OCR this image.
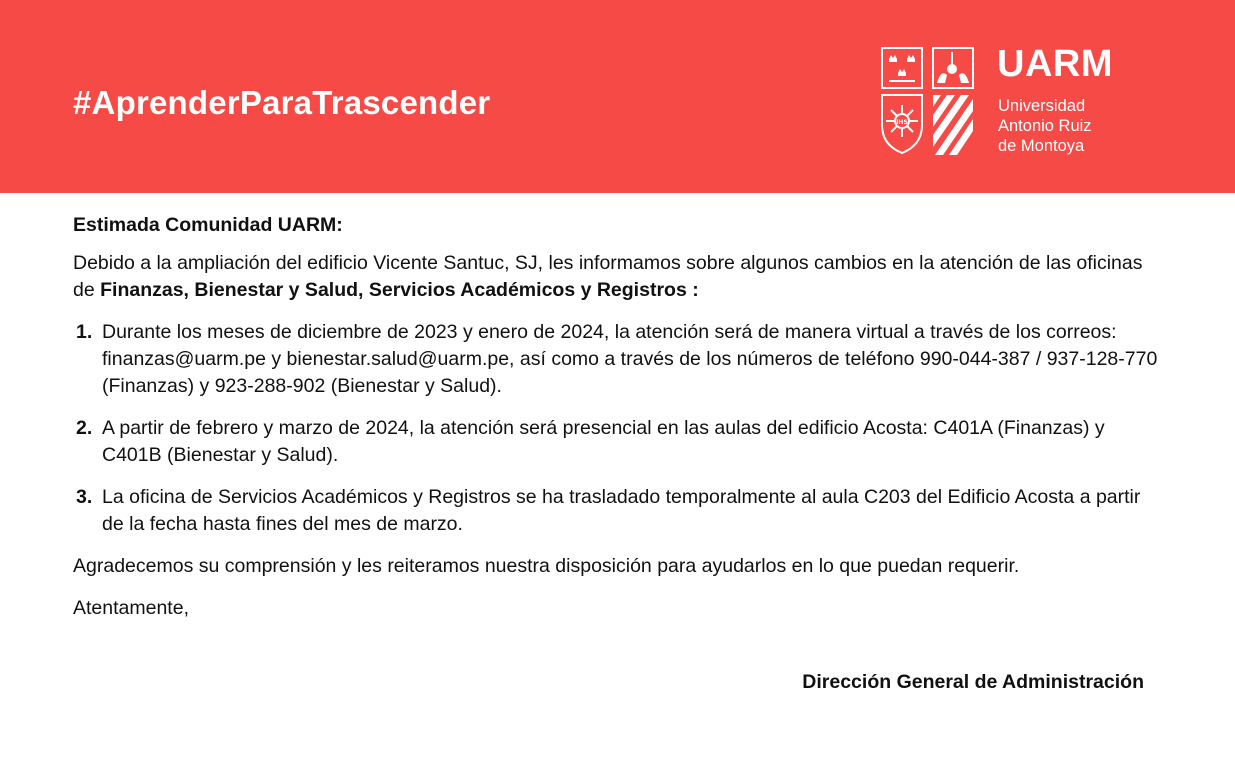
#AprenderParaTrascender
IHS
UARM
Universidad
Antonio Ruiz
de Montoya
Estimada Comunidad UARM:
Debido a la ampliación del edificio Vicente Santuc, SJ, les informamos sobre algunos cambios en la atención de las oficinas de Finanzas, Bienestar y Salud, Servicios Académicos y Registros :
1. Durante los meses de diciembre de 2023 y enero de 2024, la atención será de manera virtual a través de los correos: finanzas@uarm.pe y bienestar.salud@uarm.pe, así como a través de los números de teléfono 990-044-387 / 937-128-770 (Finanzas) y 923-288-902 (Bienestar y Salud).
2. A partir de febrero y marzo de 2024, la atención será presencial en las aulas del edificio Acosta: C401A (Finanzas) y C401B (Bienestar y Salud).
3. La oficina de Servicios Académicos y Registros se ha trasladado temporalmente al aula C203 del Edificio Acosta a partir de la fecha hasta fines del mes de marzo.
Agradecemos su comprensión y les reiteramos nuestra disposición para ayudarlos en lo que puedan requerir.
Atentamente,
Dirección General de Administración
